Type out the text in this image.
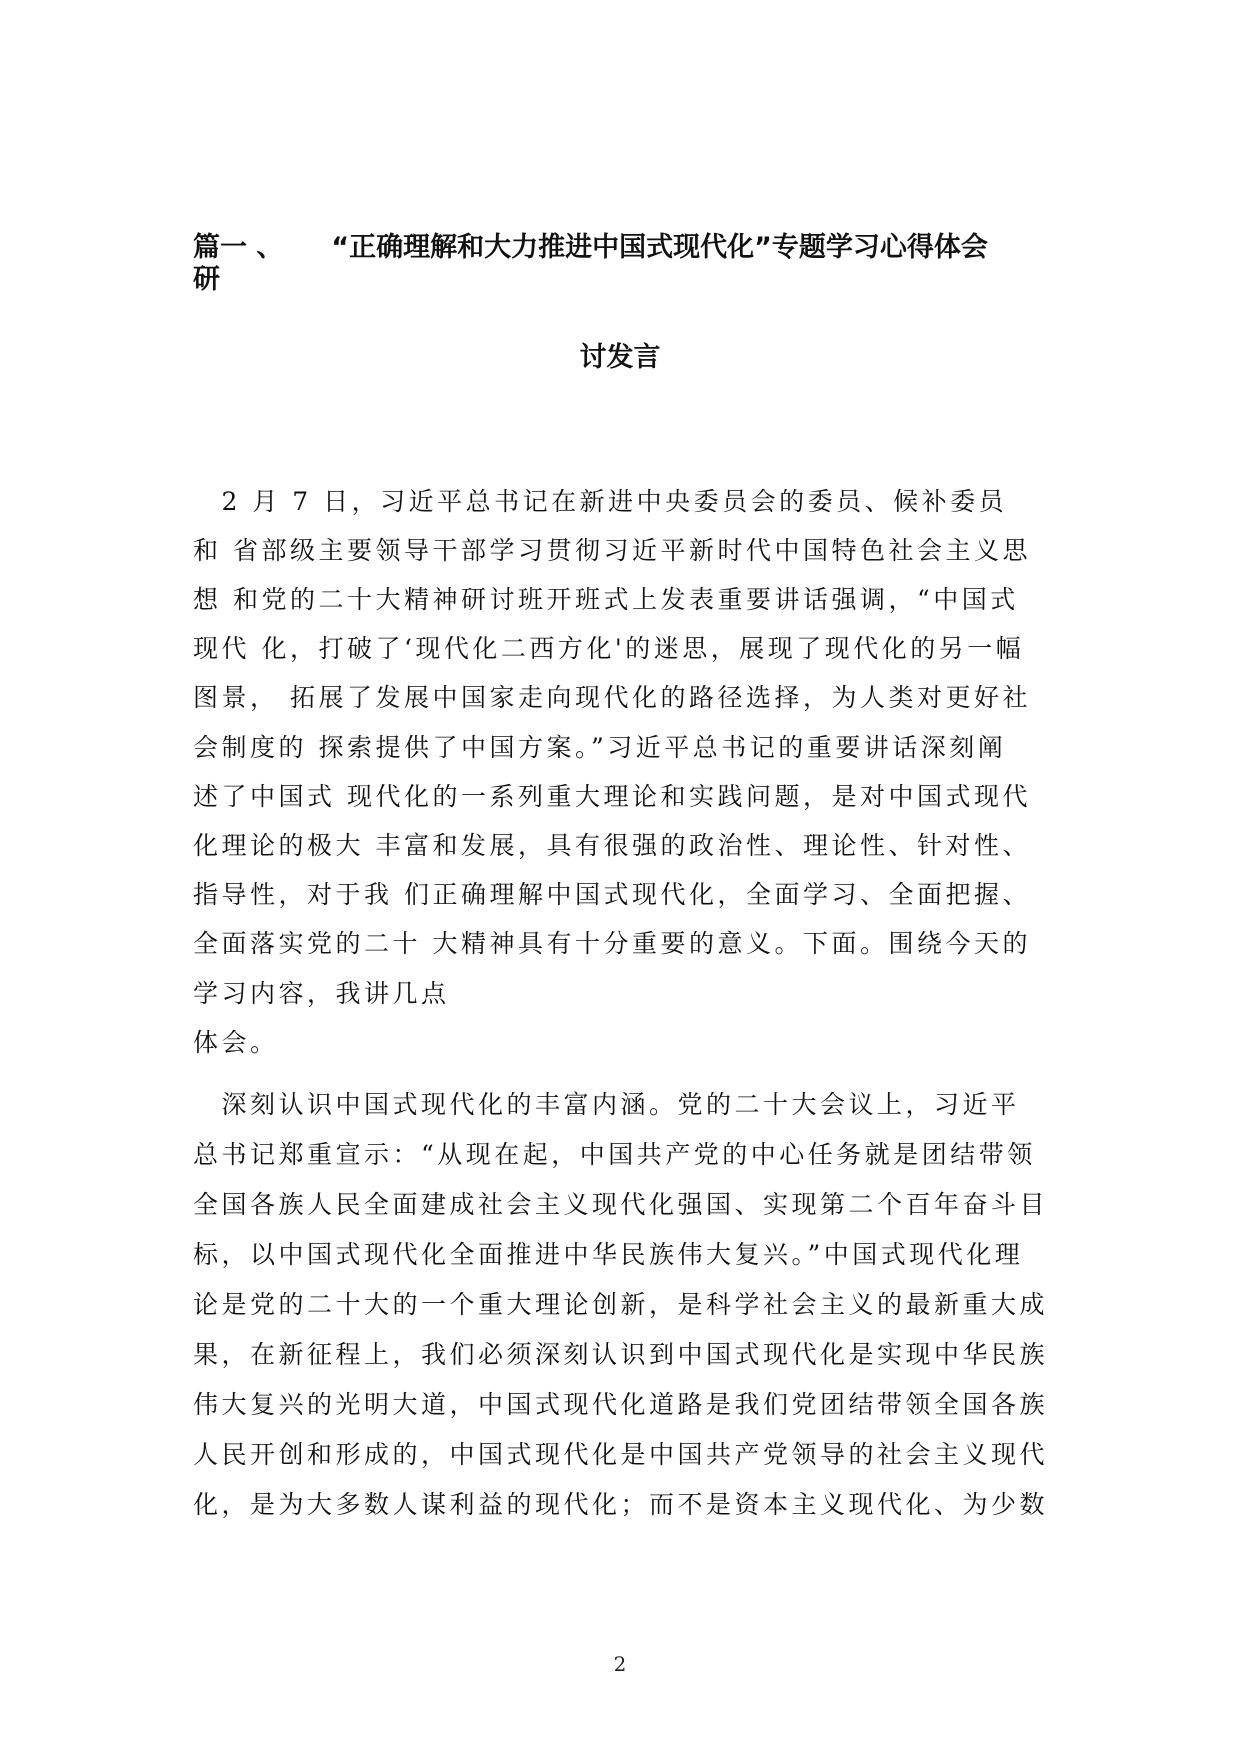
篇一 、 “正确理解和大力推进中国式现代化”专题学习心得体会
研
讨发言
　2 月 7 日，习近平总书记在新进中央委员会的委员、候补委员
和 省部级主要领导干部学习贯彻习近平新时代中国特色社会主义思
想 和党的二十大精神研讨班开班式上发表重要讲话强调，“中国式
现代 化，打破了‘现代化二西方化'的迷思，展现了现代化的另一幅
图景， 拓展了发展中国家走向现代化的路径选择，为人类对更好社
会制度的 探索提供了中国方案。”习近平总书记的重要讲话深刻阐
述了中国式 现代化的一系列重大理论和实践问题，是对中国式现代
化理论的极大 丰富和发展，具有很强的政治性、理论性、针对性、
指导性，对于我 们正确理解中国式现代化，全面学习、全面把握、
全面落实党的二十 大精神具有十分重要的意义。下面。围绕今天的
学习内容，我讲几点
体会。
　深刻认识中国式现代化的丰富内涵。党的二十大会议上，习近平
总书记郑重宣示：“从现在起，中国共产党的中心任务就是团结带领
全国各族人民全面建成社会主义现代化强国、实现第二个百年奋斗目
标，以中国式现代化全面推进中华民族伟大复兴。”中国式现代化理
论是党的二十大的一个重大理论创新，是科学社会主义的最新重大成
果，在新征程上，我们必须深刻认识到中国式现代化是实现中华民族
伟大复兴的光明大道，中国式现代化道路是我们党团结带领全国各族
人民开创和形成的，中国式现代化是中国共产党领导的社会主义现代
化，是为大多数人谋利益的现代化；而不是资本主义现代化、为少数
2
